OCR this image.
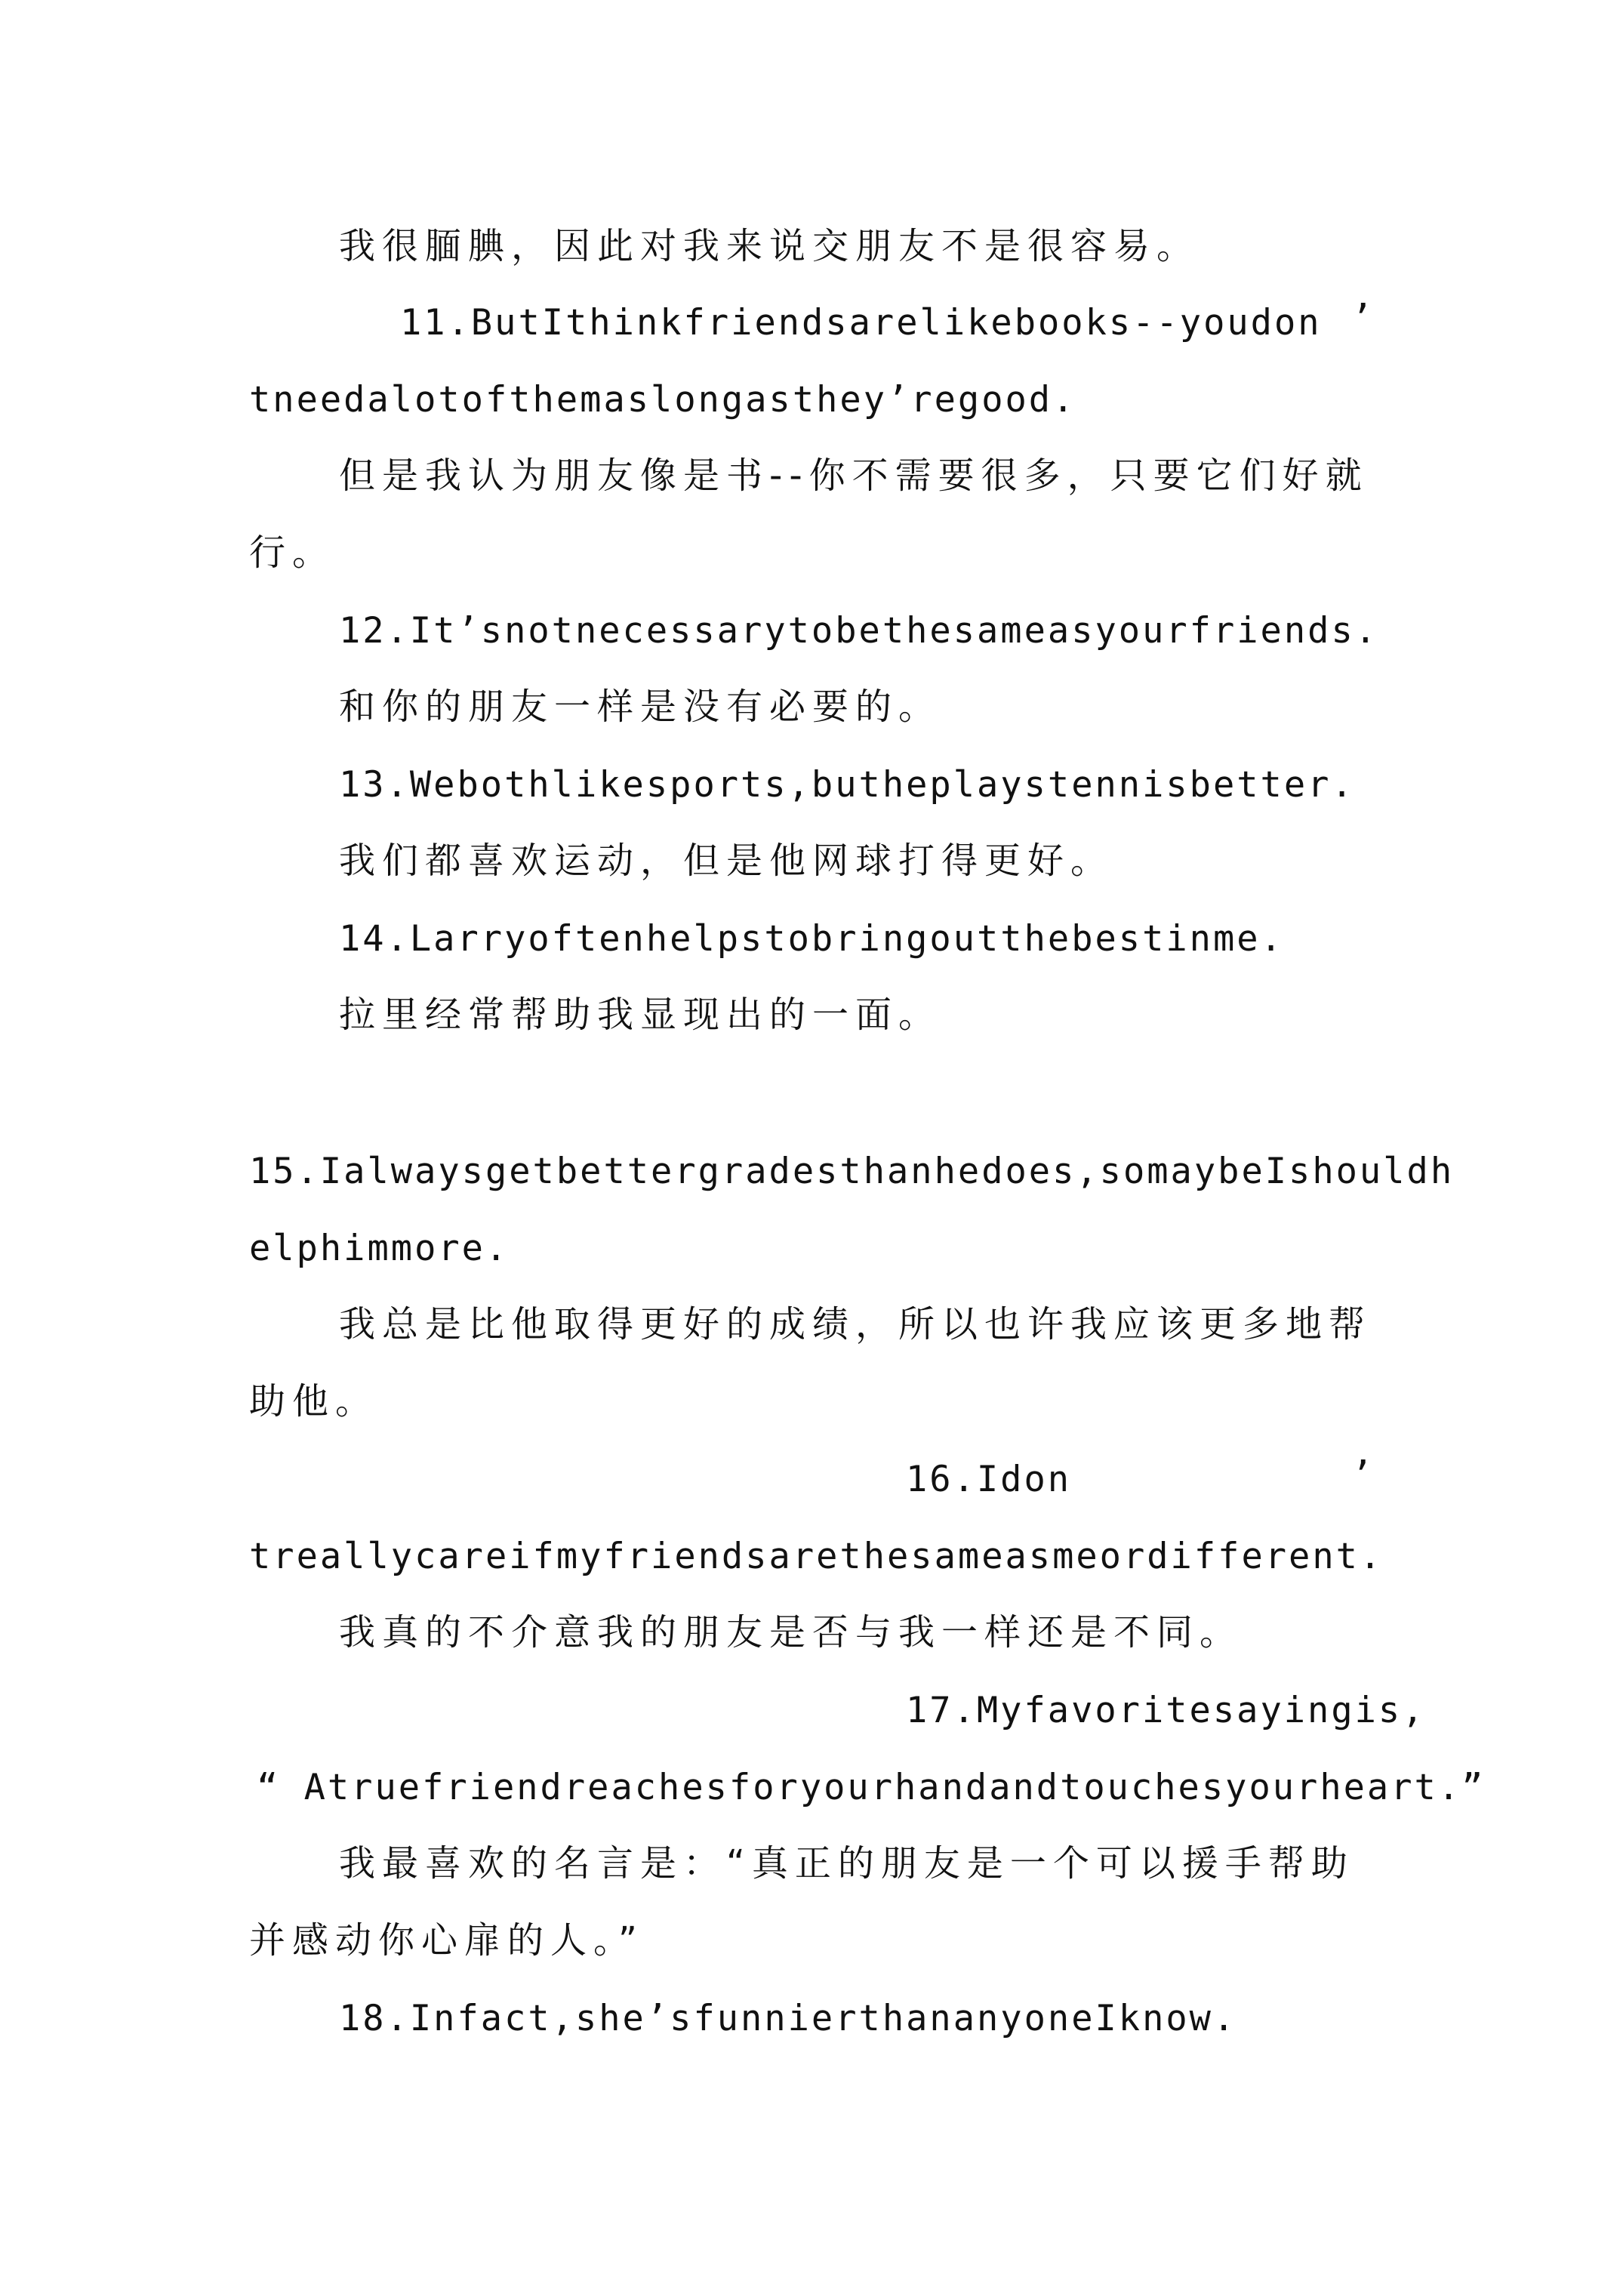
我很腼腆，因此对我来说交朋友不是很容易。
11.ButIthinkfriendsarelikebooks--youdon ’
tneedalotofthemaslongasthey’regood.
但是我认为朋友像是书--你不需要很多，只要它们好就
行。
12.It’snotnecessarytobethesameasyourfriends.
和你的朋友一样是没有必要的。
13.Webothlikesports,butheplaystennisbetter.
我们都喜欢运动，但是他网球打得更好。
14.Larryoftenhelpstobringoutthebestinme.
拉里经常帮助我显现出的一面。
15.Ialwaysgetbettergradesthanhedoes,somaybeIshouldh
elphimmore.
我总是比他取得更好的成绩，所以也许我应该更多地帮
助他。
16.Idon	’
treallycareifmyfriendsarethesameasmeordifferent.
我真的不介意我的朋友是否与我一样还是不同。
17.Myfavoritesayingis,
“ Atruefriendreachesforyourhandandtouchesyourheart.”
我最喜欢的名言是：“真正的朋友是一个可以援手帮助
并感动你心扉的人。”
18.Infact,she’sfunnierthananyoneIknow.
